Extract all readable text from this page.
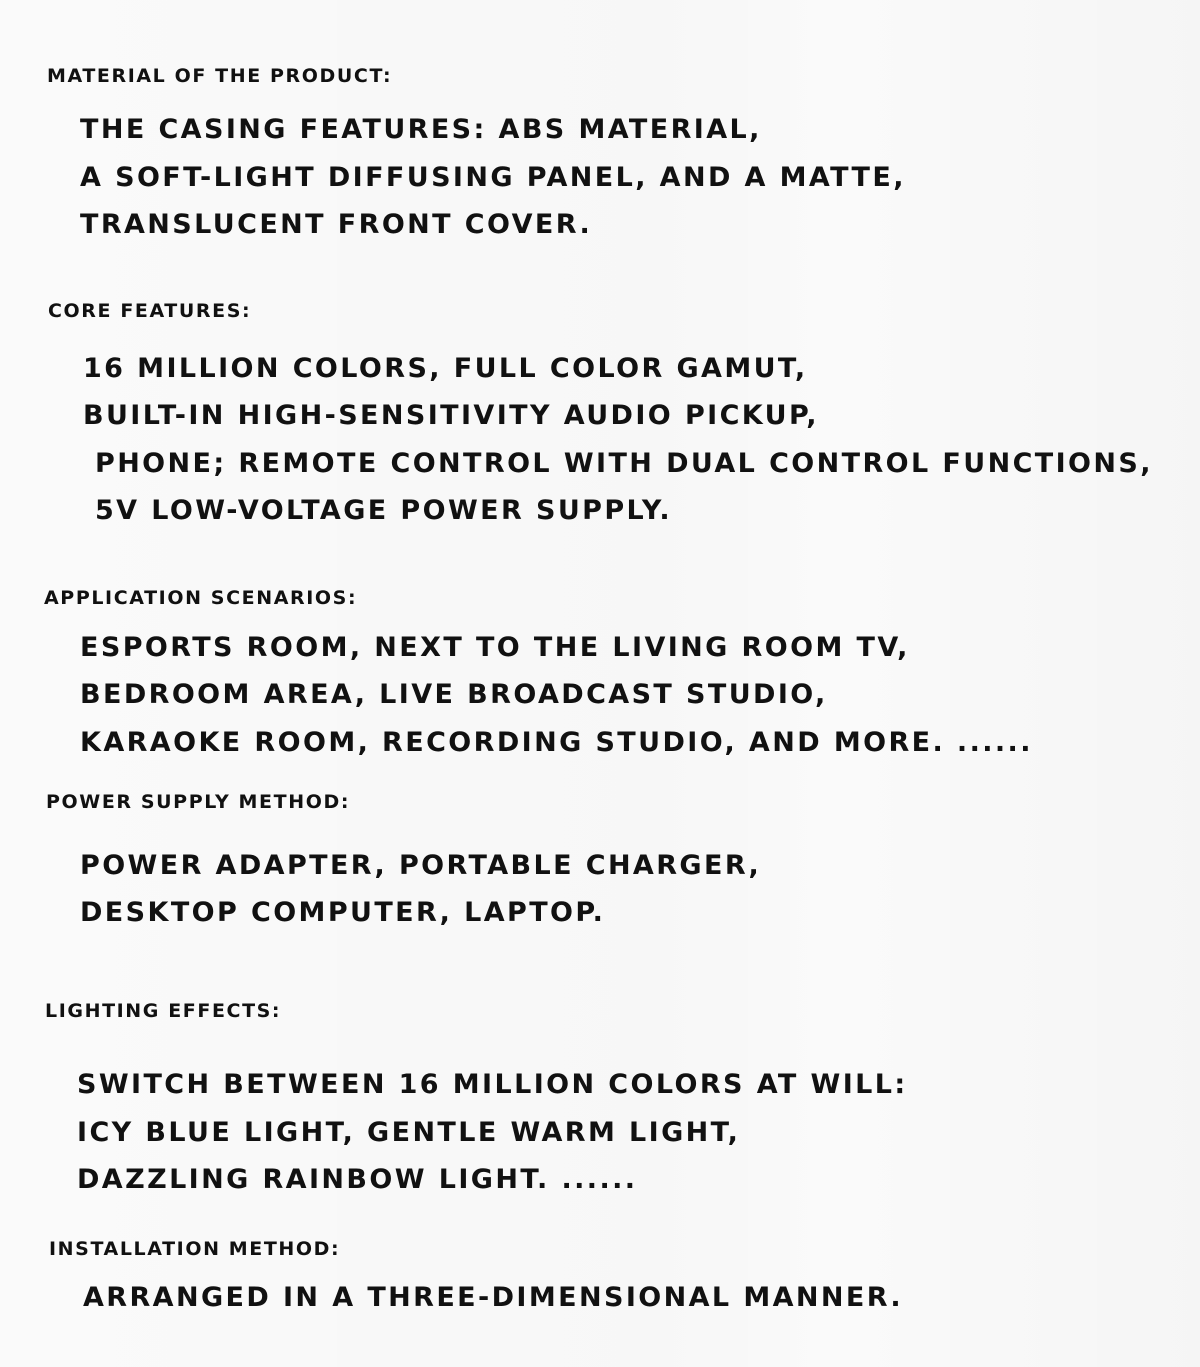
MATERIAL OF THE PRODUCT:

THE CASING FEATURES: ABS MATERIAL,

A SOFT-LIGHT DIFFUSING PANEL, AND A MATTE,

TRANSLUCENT FRONT COVER.

CORE FEATURES:

16 MILLION COLORS, FULL COLOR GAMUT,

BUILT-IN HIGH-SENSITIVITY AUDIO PICKUP,

PHONE; REMOTE CONTROL WITH DUAL CONTROL FUNCTIONS,

5V LOW-VOLTAGE POWER SUPPLY.

APPLICATION SCENARIOS:

ESPORTS ROOM, NEXT TO THE LIVING ROOM TV,

BEDROOM AREA, LIVE BROADCAST STUDIO,

KARAOKE ROOM, RECORDING STUDIO, AND MORE. ......

POWER SUPPLY METHOD:

POWER ADAPTER, PORTABLE CHARGER,

DESKTOP COMPUTER, LAPTOP.

LIGHTING EFFECTS:

SWITCH BETWEEN 16 MILLION COLORS AT WILL:

ICY BLUE LIGHT, GENTLE WARM LIGHT,

DAZZLING RAINBOW LIGHT. ......

INSTALLATION METHOD:

ARRANGED IN A THREE-DIMENSIONAL MANNER.
